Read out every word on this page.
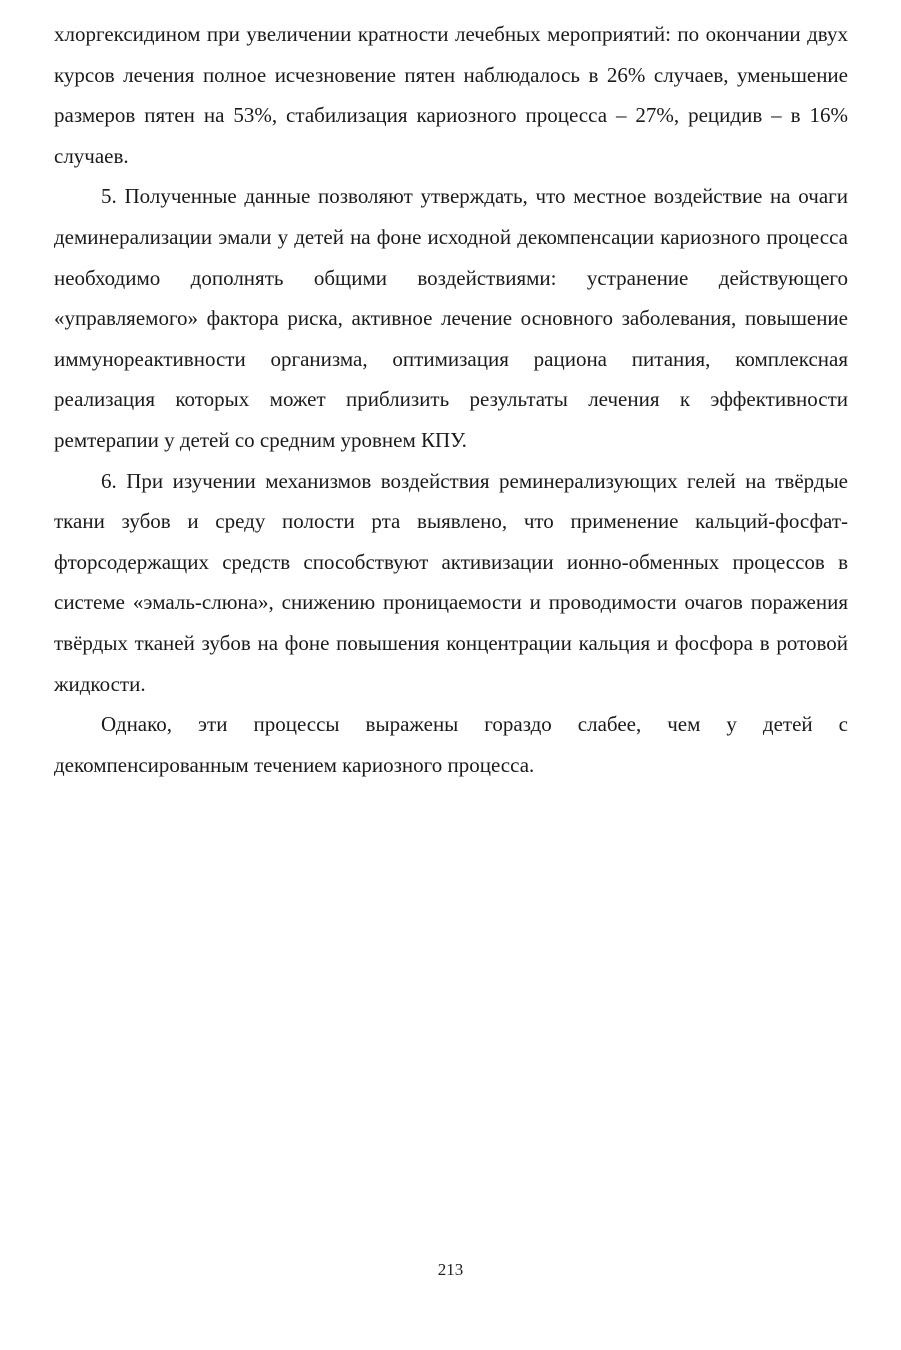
хлоргексидином при увеличении кратности лечебных мероприятий: по окончании двух курсов лечения полное исчезновение пятен наблюдалось в 26% случаев, уменьшение размеров пятен на 53%, стабилизация кариозного процесса – 27%, рецидив – в 16% случаев.

5. Полученные данные позволяют утверждать, что местное воздействие на очаги деминерализации эмали у детей на фоне исходной декомпенсации кариозного процесса необходимо дополнять общими воздействиями: устранение действующего «управляемого» фактора риска, активное лечение основного заболевания, повышение иммунореактивности организма, оптимизация рациона питания, комплексная реализация которых может приблизить результаты лечения к эффективности ремтерапии у детей со средним уровнем КПУ.

6. При изучении механизмов воздействия реминерализующих гелей на твёрдые ткани зубов и среду полости рта выявлено, что применение кальций-фосфат-фторсодержащих средств способствуют активизации ионно-обменных процессов в системе «эмаль-слюна», снижению проницаемости и проводимости очагов поражения твёрдых тканей зубов на фоне повышения концентрации кальция и фосфора в ротовой жидкости.

Однако, эти процессы выражены гораздо слабее, чем у детей с декомпенсированным течением кариозного процесса.

213
